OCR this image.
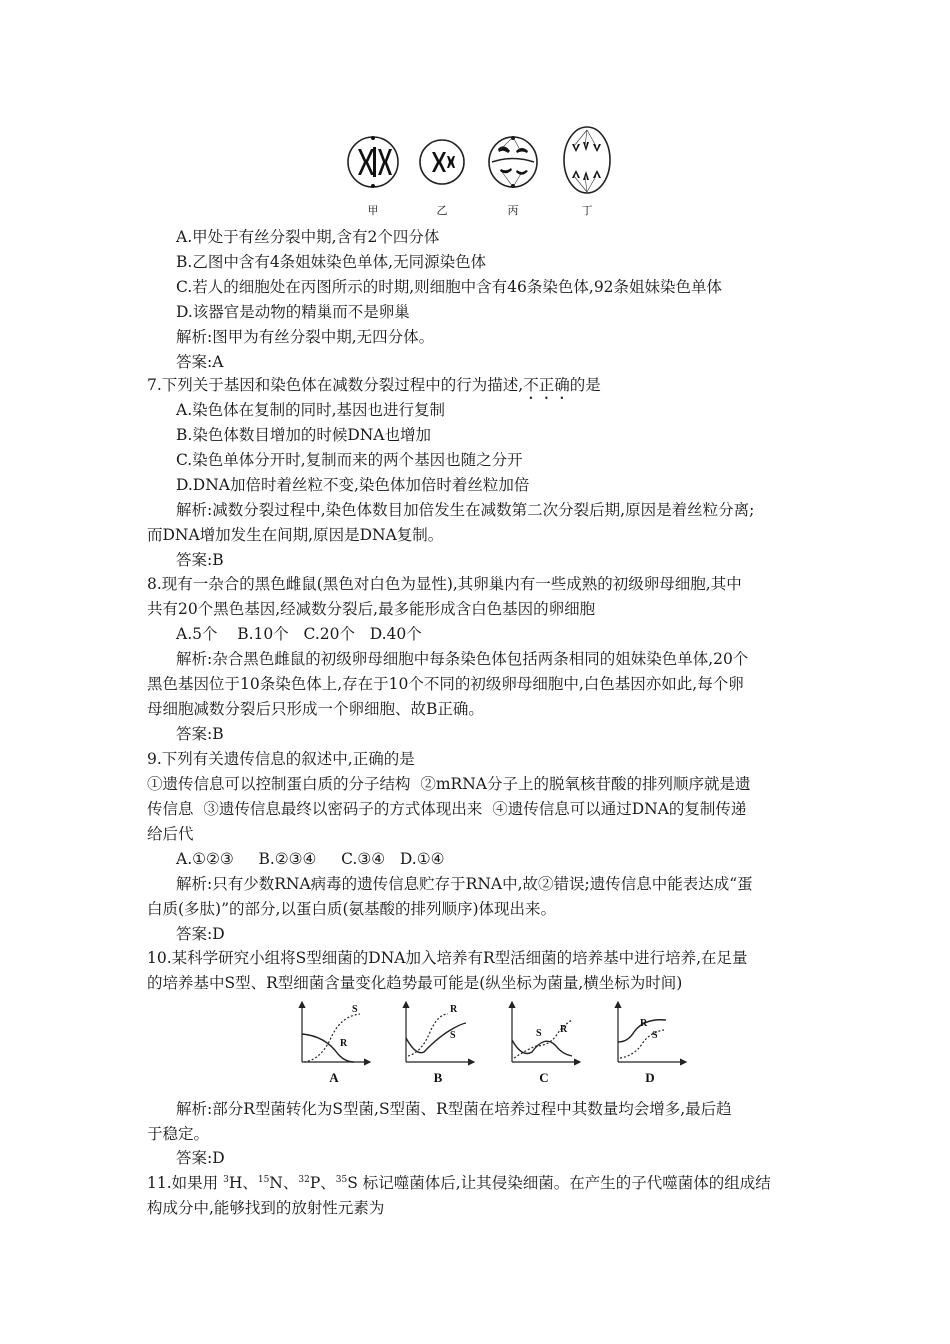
甲	乙	丙	丁
A.甲处于有丝分裂中期,含有2个四分体
B.乙图中含有4条姐妹染色单体,无同源染色体
C.若人的细胞处在丙图所示的时期,则细胞中含有46条染色体,92条姐妹染色单体
D.该器官是动物的精巢而不是卵巢
解析:图甲为有丝分裂中期,无四分体。
答案:A
7.下列关于基因和染色体在减数分裂过程中的行为描述,不正确的是
A.染色体在复制的同时,基因也进行复制
B.染色体数目增加的时候DNA也增加
C.染色单体分开时,复制而来的两个基因也随之分开
D.DNA加倍时着丝粒不变,染色体加倍时着丝粒加倍
解析:减数分裂过程中,染色体数目加倍发生在减数第二次分裂后期,原因是着丝粒分离;
而DNA增加发生在间期,原因是DNA复制。
答案:B
8.现有一杂合的黑色雌鼠(黑色对白色为显性),其卵巢内有一些成熟的初级卵母细胞,其中
共有20个黑色基因,经减数分裂后,最多能形成含白色基因的卵细胞
A.5个    B.10个   C.20个   D.40个
解析:杂合黑色雌鼠的初级卵母细胞中每条染色体包括两条相同的姐妹染色单体,20个
黑色基因位于10条染色体上,存在于10个不同的初级卵母细胞中,白色基因亦如此,每个卵
母细胞减数分裂后只形成一个卵细胞、故B正确。
答案:B
9.下列有关遗传信息的叙述中,正确的是
①遗传信息可以控制蛋白质的分子结构  ②mRNA分子上的脱氧核苷酸的排列顺序就是遗
传信息  ③遗传信息最终以密码子的方式体现出来  ④遗传信息可以通过DNA的复制传递
给后代
A.①②③     B.②③④     C.③④   D.①④
解析:只有少数RNA病毒的遗传信息贮存于RNA中,故②错误;遗传信息中能表达成“蛋
白质(多肽)”的部分,以蛋白质(氨基酸的排列顺序)体现出来。
答案:D
10.某科学研究小组将S型细菌的DNA加入培养有R型活细菌的培养基中进行培养,在足量
的培养基中S型、R型细菌含量变化趋势最可能是(纵坐标为菌量,横坐标为时间)
S
R
R
S	S R
R
S
A	B	C	D
解析:部分R型菌转化为S型菌,S型菌、R型菌在培养过程中其数量均会增多,最后趋
于稳定。
答案:D
11.如果用 $^3$H、$^{15}$N、$^{32}$P、$^{35}$S 标记噬菌体后,让其侵染细菌。在产生的子代噬菌体的组成结
构成分中,能够找到的放射性元素为
